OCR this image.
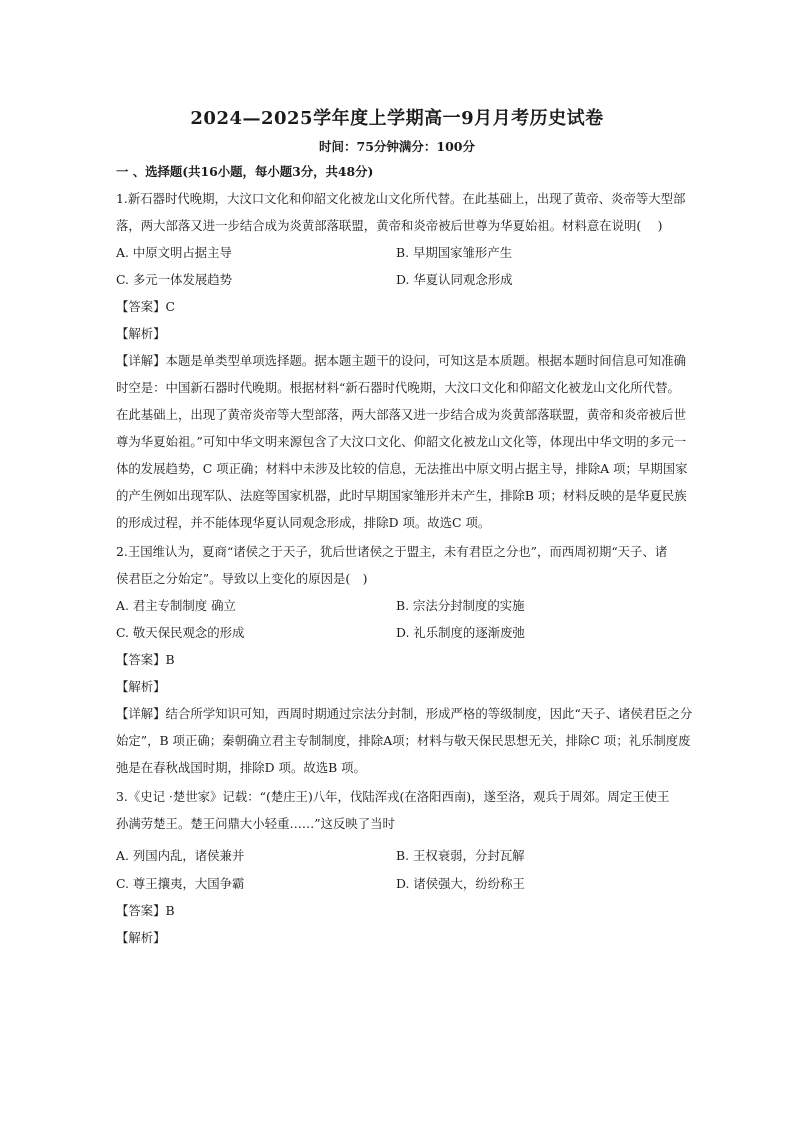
2024—2025学年度上学期高一9月月考历史试卷
时间：75分钟满分：100分
一 、选择题(共16小题，每小题3分，共48分)
1.新石器时代晚期，大汶口文化和仰韶文化被龙山文化所代替。在此基础上，出现了黄帝、炎帝等大型部
落，两大部落又进一步结合成为炎黄部落联盟，黄帝和炎帝被后世尊为华夏始祖。材料意在说明(　 )
A. 中原文明占据主导	B. 早期国家雏形产生
C. 多元一体发展趋势	D. 华夏认同观念形成
【答案】C
【解析】
【详解】本题是单类型单项选择题。据本题主题干的设问，可知这是本质题。根据本题时间信息可知准确
时空是：中国新石器时代晚期。根据材料“新石器时代晚期，大汶口文化和仰韶文化被龙山文化所代替。
在此基础上，出现了黄帝炎帝等大型部落，两大部落又进一步结合成为炎黄部落联盟，黄帝和炎帝被后世
尊为华夏始祖。”可知中华文明来源包含了大汶口文化、仰韶文化被龙山文化等，体现出中华文明的多元一
体的发展趋势，C 项正确；材料中未涉及比较的信息，无法推出中原文明占据主导，排除A 项；早期国家
的产生例如出现军队、法庭等国家机器，此时早期国家雏形并未产生，排除B 项；材料反映的是华夏民族
的形成过程，并不能体现华夏认同观念形成，排除D 项。故选C 项。
2.王国维认为，夏商“诸侯之于天子，犹后世诸侯之于盟主，未有君臣之分也”，而西周初期“天子、诸
侯君臣之分始定”。导致以上变化的原因是(　)
A. 君主专制制度 确立	B. 宗法分封制度的实施
C. 敬天保民观念的形成	D. 礼乐制度的逐渐废弛
【答案】B
【解析】
【详解】结合所学知识可知，西周时期通过宗法分封制，形成严格的等级制度，因此“天子、诸侯君臣之分
始定”，B 项正确；秦朝确立君主专制制度，排除A项；材料与敬天保民思想无关，排除C 项；礼乐制度废
弛是在春秋战国时期，排除D 项。故选B 项。
3.《史记 ·楚世家》记载：“(楚庄王)八年，伐陆浑戎(在洛阳西南)，遂至洛，观兵于周郊。周定王使王
孙满劳楚王。楚王问鼎大小轻重……”这反映了当时
A. 列国内乱，诸侯兼并	B. 王权衰弱，分封瓦解
C. 尊王攘夷，大国争霸	D. 诸侯强大，纷纷称王
【答案】B
【解析】
